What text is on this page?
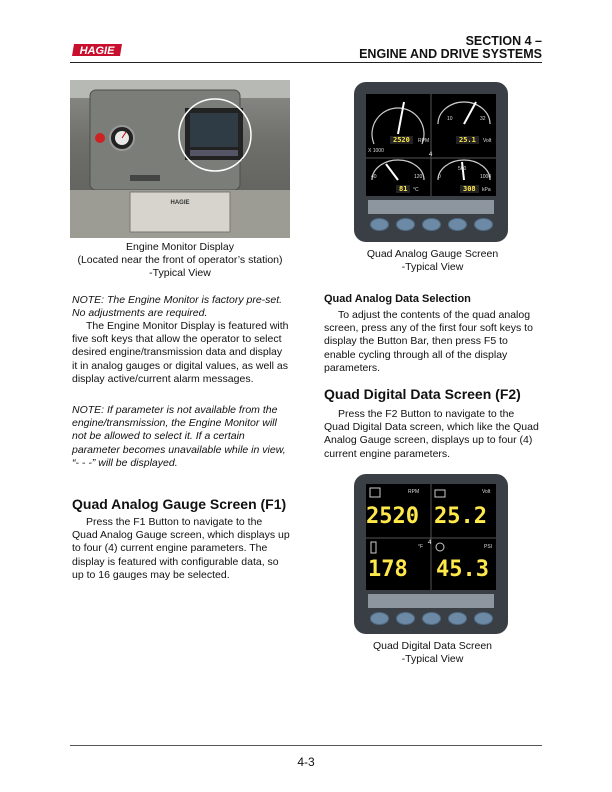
HAGIE
SECTION 4 –
ENGINE AND DRIVE SYSTEMS
HAGIE
Engine Monitor Display
(Located near the front of operator’s station)
-Typical View
NOTE: The Engine Monitor is factory pre-set. No adjustments are required.
The Engine Monitor Display is featured with five soft keys that allow the operator to select desired engine/transmission data and display it in analog gauges or digital values, as well as display active/current alarm messages.
NOTE: If parameter is not available from the engine/transmission, the Engine Monitor will not be allowed to select it. If a certain parameter becomes unavailable while in view, “- - -” will be displayed.
Quad Analog Gauge Screen (F1)
Press the F1 Button to navigate to the Quad Analog Gauge screen, which displays up to four (4) current engine parameters. The display is featured with configurable data, so up to 16 gauges may be selected.
2520	RPM
X 1000
25.1	Volt
81	°C	308	kPa
4
10	32
40	120	0
500
1000
Quad Analog Gauge Screen
-Typical View
Quad Analog Data Selection
To adjust the contents of the quad analog screen, press any of the first four soft keys to display the Button Bar, then press F5 to enable cycling through all of the display parameters.
Quad Digital Data Screen (F2)
Press the F2 Button to navigate to the Quad Digital Data screen, which like the Quad Analog Gauge screen, displays up to four (4) current engine parameters.
RPM	Volt
2520 25.2
°F	PSI
178 45.3
4
Quad Digital Data Screen
-Typical View
4-3
